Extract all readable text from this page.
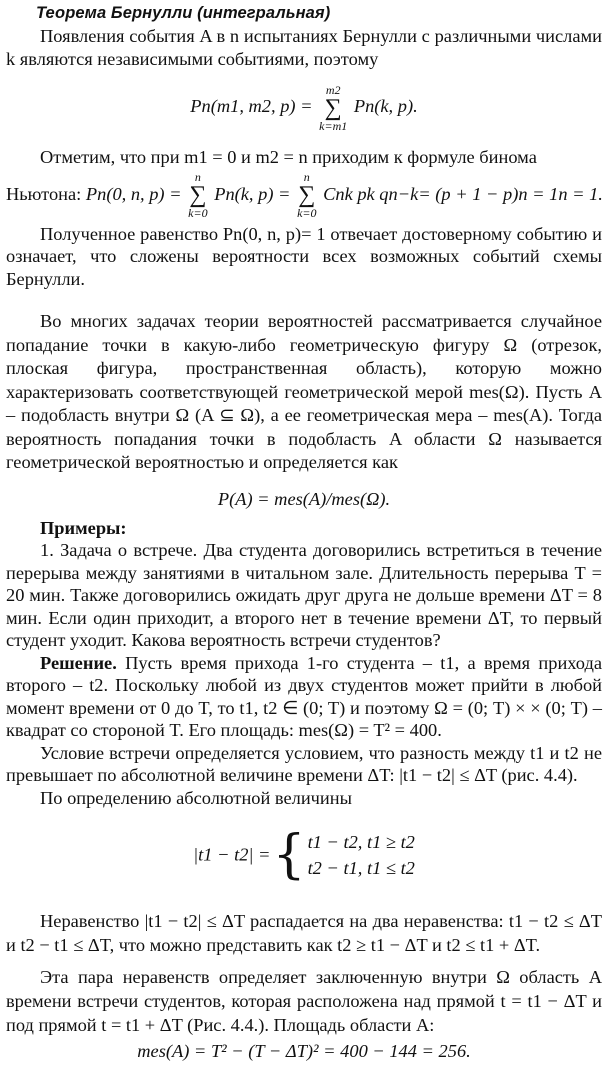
Теорема Бернулли (интегральная)

Появления события A в n испытаниях Бернулли с различными числами k являются независимыми событиями, поэтому

Pn(m1, m2, p) =
m2
∑
k=m1
Pn(k, p).

Отметим, что при m1 = 0 и m2 = n приходим к формуле бинома

Ньютона: Pn(0, n, p) =
n
∑
k=0
Pn(k, p) =
n
∑
k=0
Cnk pk qn−k= (p + 1 − p)n = 1n = 1.

Полученное равенство Pn(0, n, p)= 1 отвечает достоверному событию и означает, что сложены вероятности всех возможных событий схемы Бернулли.

Во многих задачах теории вероятностей рассматривается случайное попадание точки в какую-либо геометрическую фигуру Ω (отрезок, плоская фигура, пространственная область), которую можно характеризовать соответствующей геометрической мерой mes(Ω). Пусть A – подобласть внутри Ω (A ⊆ Ω), а ее геометрическая мера – mes(A). Тогда вероятность попадания точки в подобласть A области Ω называется геометрической вероятностью и определяется как

P(A) = mes(A)/mes(Ω).

Примеры:

1. Задача о встрече. Два студента договорились встретиться в течение перерыва между занятиями в читальном зале. Длительность перерыва T = 20 мин. Также договорились ожидать друг друга не дольше времени ΔT = 8 мин. Если один приходит, а второго нет в течение времени ΔT, то первый студент уходит. Какова вероятность встречи студентов?

Решение. Пусть время прихода 1-го студента – t1, а время прихода второго – t2. Поскольку любой из двух студентов может прийти в любой момент времени от 0 до T, то t1, t2 ∈ (0; T) и поэтому Ω = (0; T) × × (0; T) – квадрат со стороной T. Его площадь: mes(Ω) = T² = 400.

Условие встречи определяется условием, что разность между t1 и t2 не превышает по абсолютной величине времени ΔT: |t1 − t2| ≤ ΔT (рис. 4.4).

По определению абсолютной величины

|t1 − t2| ={ t1 − t2, t1 ≥ t2
t2 − t1, t1 ≤ t2

Неравенство |t1 − t2| ≤ ΔT распадается на два неравенства: t1 − t2 ≤ ΔT и t2 − t1 ≤ ΔT, что можно представить как t2 ≥ t1 − ΔT и t2 ≤ t1 + ΔT.

Эта пара неравенств определяет заключенную внутри Ω область A времени встречи студентов, которая расположена над прямой t = t1 − ΔT и под прямой t = t1 + ΔT (Рис. 4.4.). Площадь области A:

mes(A) = T² − (T − ΔT)² = 400 − 144 = 256.
